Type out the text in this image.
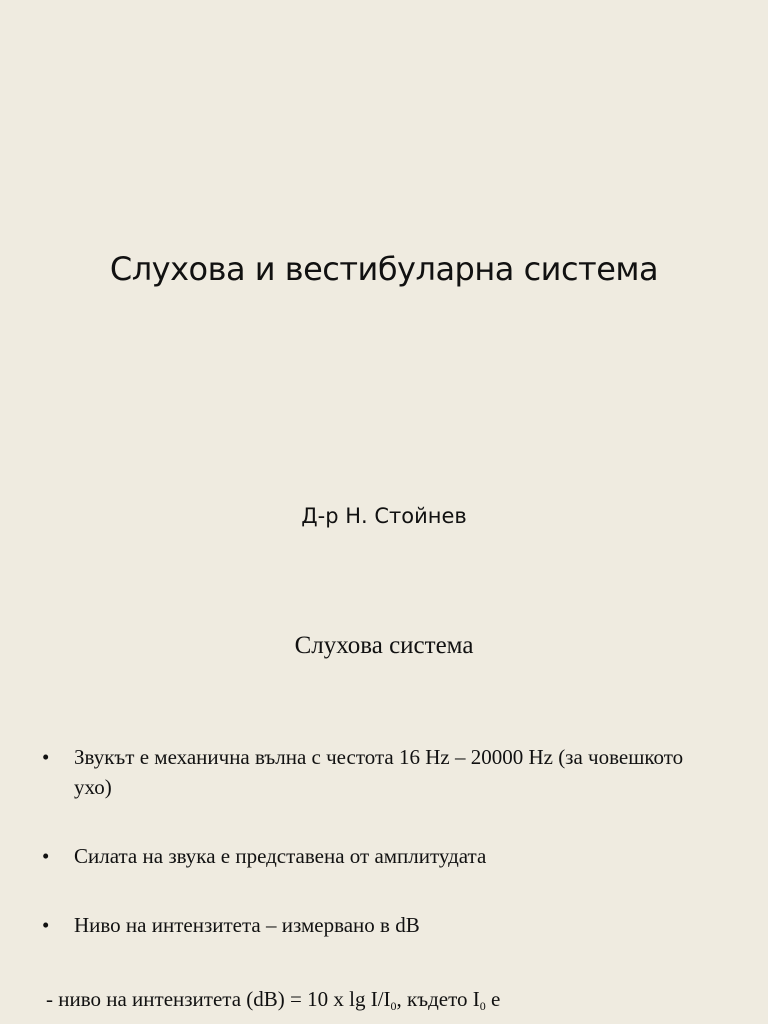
Слухова и вестибуларна система
Д-р Н. Стойнев
Слухова система
• Звукът е механична вълна с честота 16 Hz – 20000 Hz (за човешкото ухо)
• Силата на звука е представена от амплитудата
• Ниво на интензитета – измервано в dB
- ниво на интензитета (dB) = 10 x $\lg I/I_0$, където $I_0$ е
